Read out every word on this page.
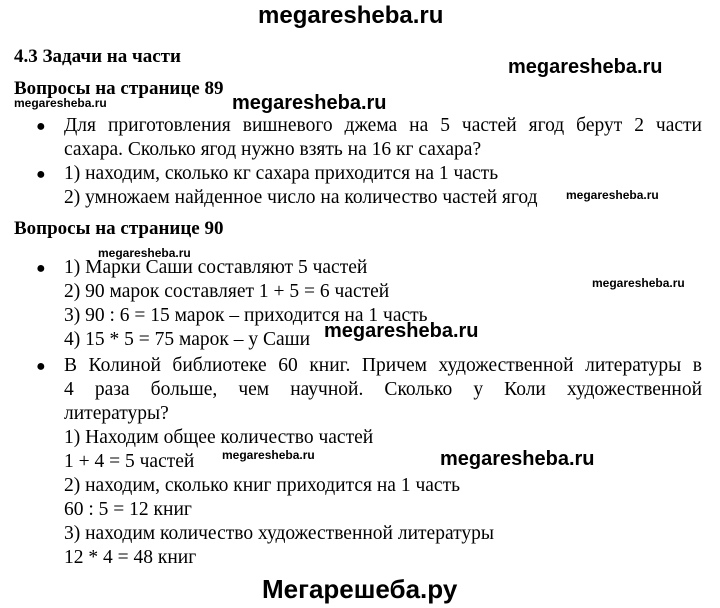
megaresheba.ru
megaresheba.ru
megaresheba.ru	megaresheba.ru
megaresheba.ru
megaresheba.ru
megaresheba.ru
megaresheba.ru
megaresheba.ru	megaresheba.ru
4.3 Задачи на части
Вопросы на странице 89
● Для приготовления вишневого джема на 5 частей ягод берут 2 части
сахара. Сколько ягод нужно взять на 16 кг сахара?
● 1) находим, сколько кг сахара приходится на 1 часть
2) умножаем найденное число на количество частей ягод
Вопросы на странице 90
● 1) Марки Саши составляют 5 частей
2) 90 марок составляет 1 + 5 = 6 частей
3) 90 : 6 = 15 марок – приходится на 1 часть
4) 15 * 5 = 75 марок – у Саши
● В Колиной библиотеке 60 книг. Причем художественной литературы в
4 раза больше, чем научной. Сколько у Коли художественной
литературы?
1) Находим общее количество частей
1 + 4 = 5 частей
2) находим, сколько книг приходится на 1 часть
60 : 5 = 12 книг
3) находим количество художественной литературы
12 * 4 = 48 книг
Мегарешеба.ру
